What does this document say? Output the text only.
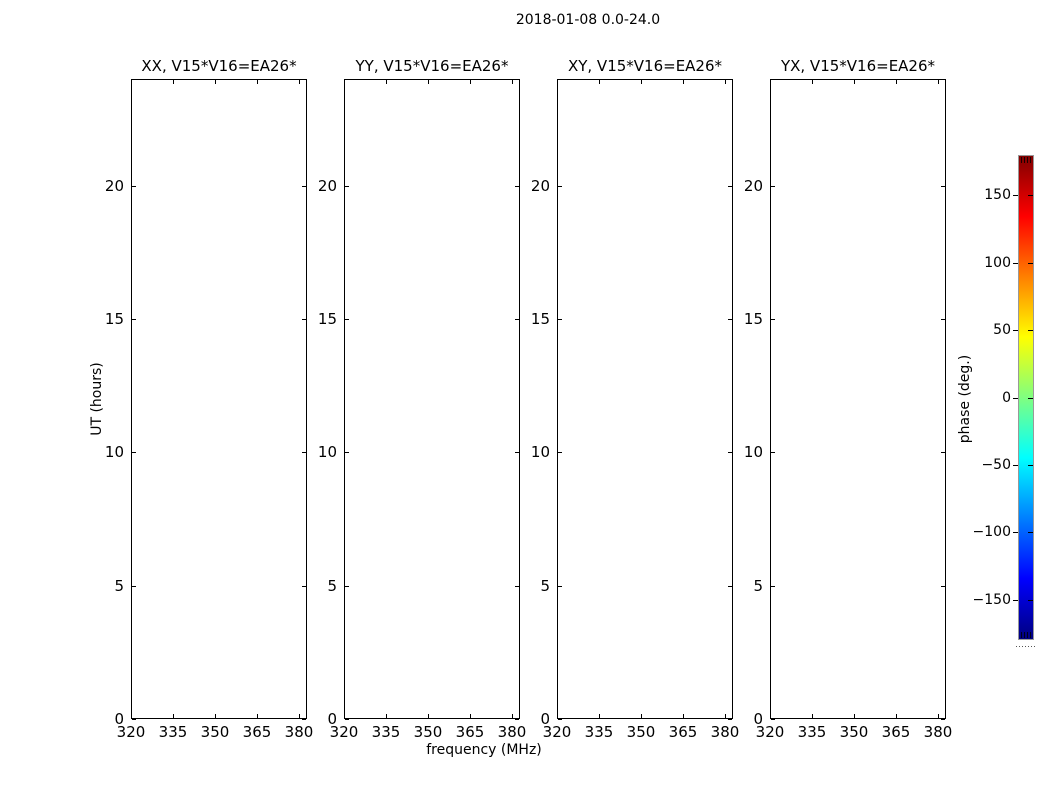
2018-01-08 0.0-24.0
XX, V15*V16=EA26*
320 335 350 365 380
0
5
10
15
20
YY, V15*V16=EA26*
320 335 350 365 380
0
5
10
15
20
XY, V15*V16=EA26*
320 335 350 365 380
0
5
10
15
20
YX, V15*V16=EA26*
320 335 350 365 380
0
5
10
15
20
UT (hours)
frequency (MHz)
150
100
50
0
−50
−100
−150
phase (deg.)
